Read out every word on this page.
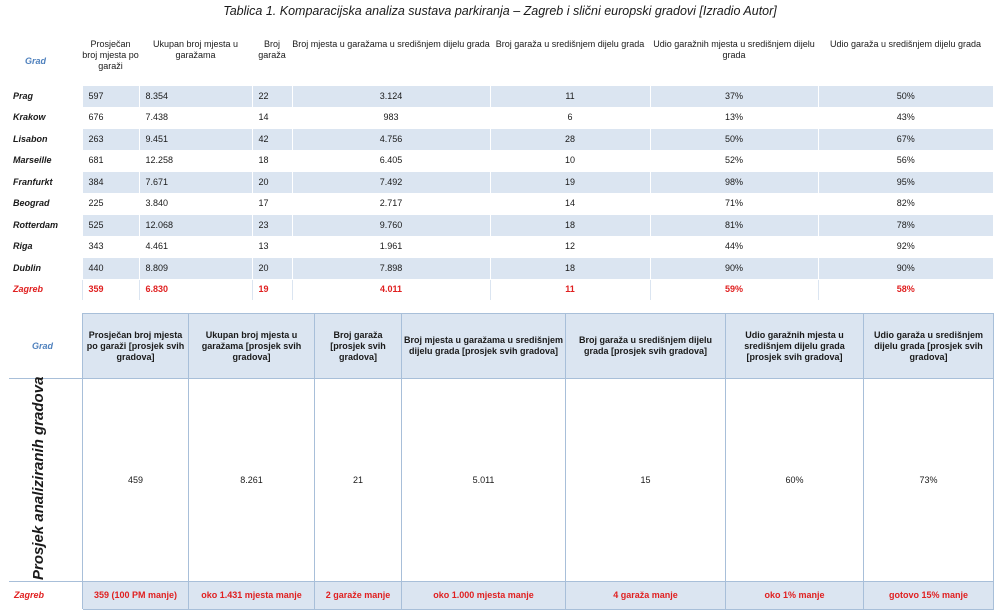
Tablica 1. Komparacijska analiza sustava parkiranja – Zagreb i slični europski gradovi [Izradio Autor]
Grad	Prosječan broj mjesta po garaži	Ukupan broj mjesta u garažama	Broj garaža	Broj mjesta u garažama u središnjem dijelu grada	Broj garaža u središnjem dijelu grada	Udio garažnih mjesta u središnjem dijelu grada	Udio garaža u središnjem dijelu grada
Prag	597	8.354	22	3.124	11	37%	50%
Krakow	676	7.438	14	983	6	13%	43%
Lisabon	263	9.451	42	4.756	28	50%	67%
Marseille	681	12.258	18	6.405	10	52%	56%
Franfurkt	384	7.671	20	7.492	19	98%	95%
Beograd	225	3.840	17	2.717	14	71%	82%
Rotterdam	525	12.068	23	9.760	18	81%	78%
Riga	343	4.461	13	1.961	12	44%	92%
Dublin	440	8.809	20	7.898	18	90%	90%
Zagreb	359	6.830	19	4.011	11	59%	58%
Grad	Prosječan broj mjesta po garaži [prosjek svih gradova]	Ukupan broj mjesta u garažama [prosjek svih gradova]	Broj garaža [prosjek svih gradova]	Broj mjesta u garažama u središnjem dijelu grada [prosjek svih gradova]	Broj garaža u središnjem dijelu grada [prosjek svih gradova]	Udio garažnih mjesta u središnjem dijelu grada [prosjek svih gradova]	Udio garaža u središnjem dijelu grada [prosjek svih gradova]

Prosjek analiziranih gradova	459	8.261	21	5.011	15	60%	73%
Zagreb	359 (100 PM manje)	oko 1.431 mjesta manje	2 garaže manje	oko 1.000 mjesta manje	4 garaža manje	oko 1% manje	gotovo 15% manje
